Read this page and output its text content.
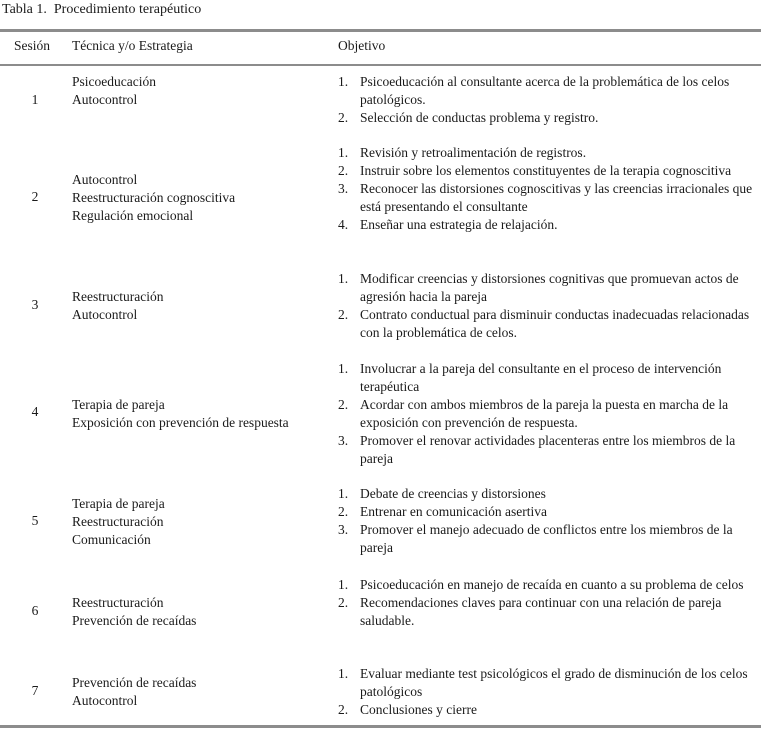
Tabla 1.  Procedimiento terapéutico
Sesión Técnica y/o Estrategia	Objetivo
1
Psicoeducación
Autocontrol
1. Psicoeducación al consultante acerca de la problemática de los celos patológicos.
2. Selección de conductas problema y registro.
2
Autocontrol
Reestructuración cognoscitiva
Regulación emocional
1. Revisión y retroalimentación de registros.
2. Instruir sobre los elementos constituyentes de la terapia cognoscitiva
3. Reconocer las distorsiones cognoscitivas y las creencias irracionales que está presentando el consultante
4. Enseñar una estrategia de relajación.
3
Reestructuración
Autocontrol
1. Modificar creencias y distorsiones cognitivas que promuevan actos de agresión hacia la pareja
2. Contrato conductual para disminuir conductas inadecuadas relacionadas con la problemática de celos.
4 Terapia de pareja
Exposición con prevención de respuesta
1. Involucrar a la pareja del consultante en el proceso de intervención terapéutica
2. Acordar con ambos miembros de la pareja la puesta en marcha de la exposición con prevención de respuesta.
3. Promover el renovar actividades placenteras entre los miembros de la pareja
5
Terapia de pareja
Reestructuración
Comunicación
1. Debate de creencias y distorsiones
2. Entrenar en comunicación asertiva
3. Promover el manejo adecuado de conflictos entre los miembros de la pareja
6
Reestructuración
Prevención de recaídas
1. Psicoeducación en manejo de recaída en cuanto a su problema de celos
2. Recomendaciones claves para continuar con una relación de pareja saludable.
7
Prevención de recaídas
Autocontrol
1. Evaluar mediante test psicológicos el grado de disminución de los celos patológicos
2. Conclusiones y cierre
